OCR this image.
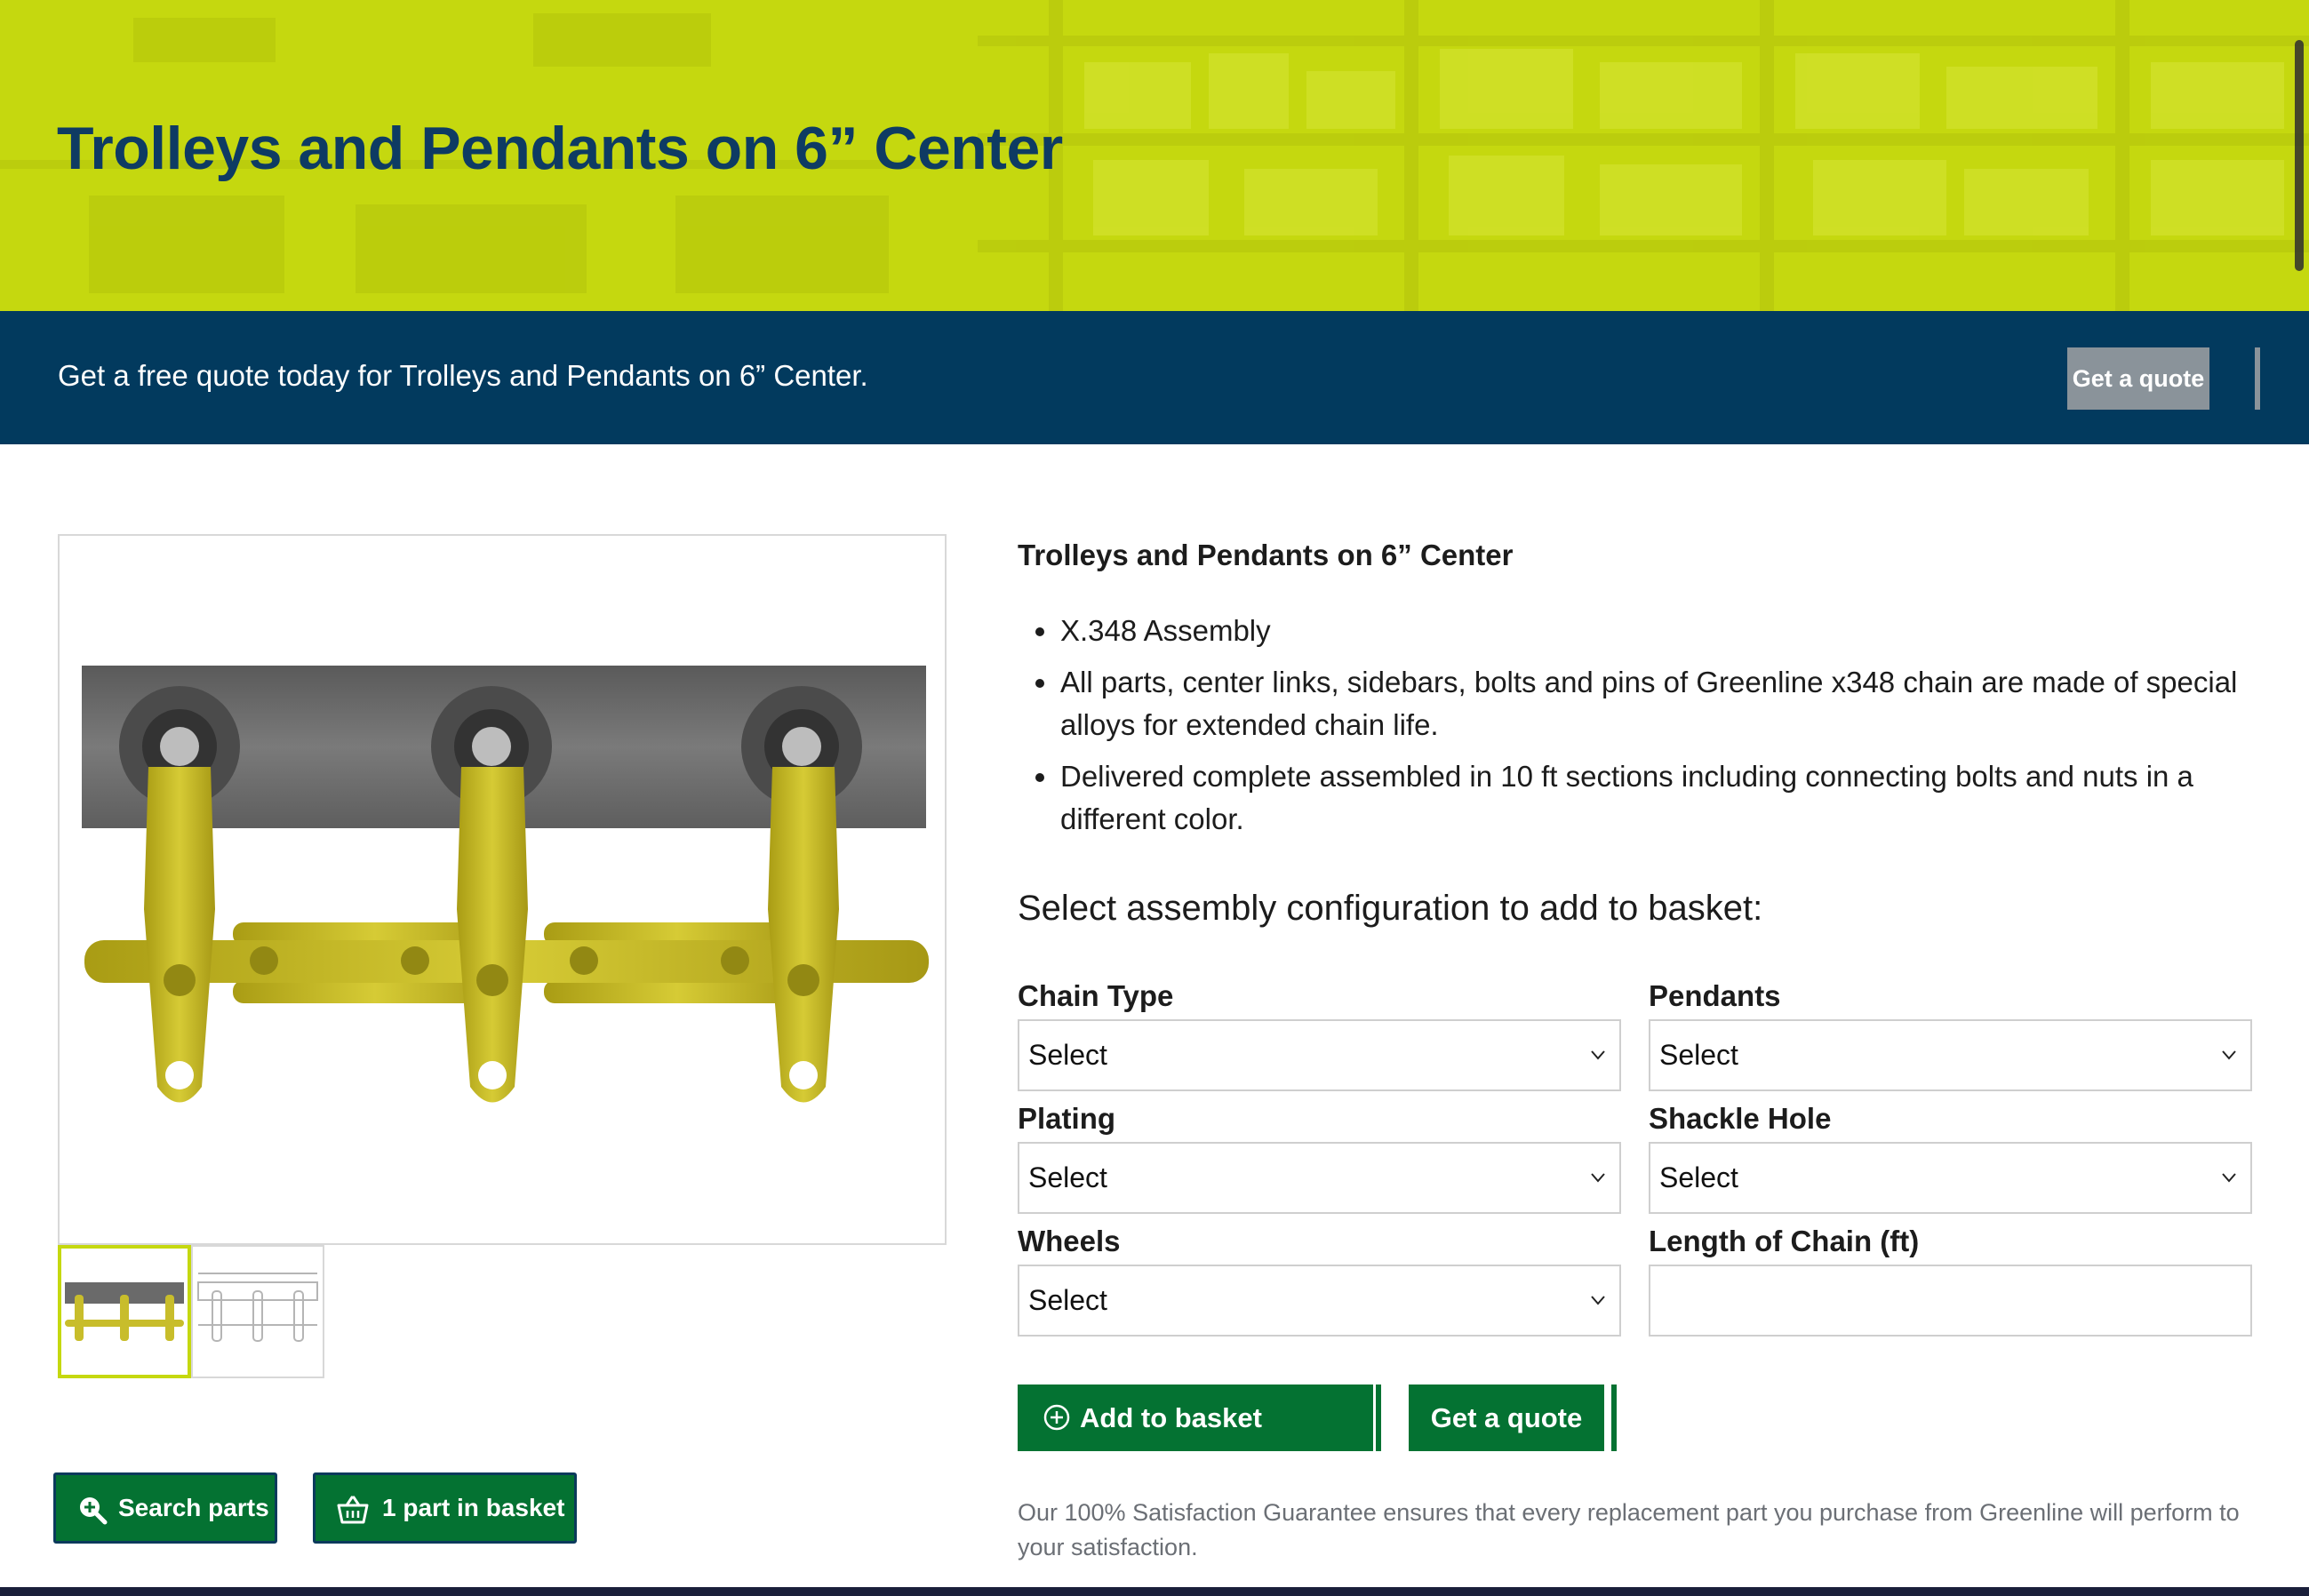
Trolleys and Pendants on 6” Center
Get a free quote today for Trolleys and Pendants on 6” Center.	Get a quote
Trolleys and Pendants on 6” Center
X.348 Assembly
All parts, center links, sidebars, bolts and pins of Greenline x348 chain are made of special alloys for extended chain life.
Delivered complete assembled in 10 ft sections including connecting bolts and nuts in a different color.
Select assembly configuration to add to basket:
Chain Type
Select
Pendants
Select
Plating
Select
Shackle Hole
Select
Wheels
Select
Length of Chain (ft)
Add to basket	Get a quote
Our 100% Satisfaction Guarantee ensures that every replacement part you purchase from Greenline will perform to your satisfaction.
Search parts	1 part in basket
